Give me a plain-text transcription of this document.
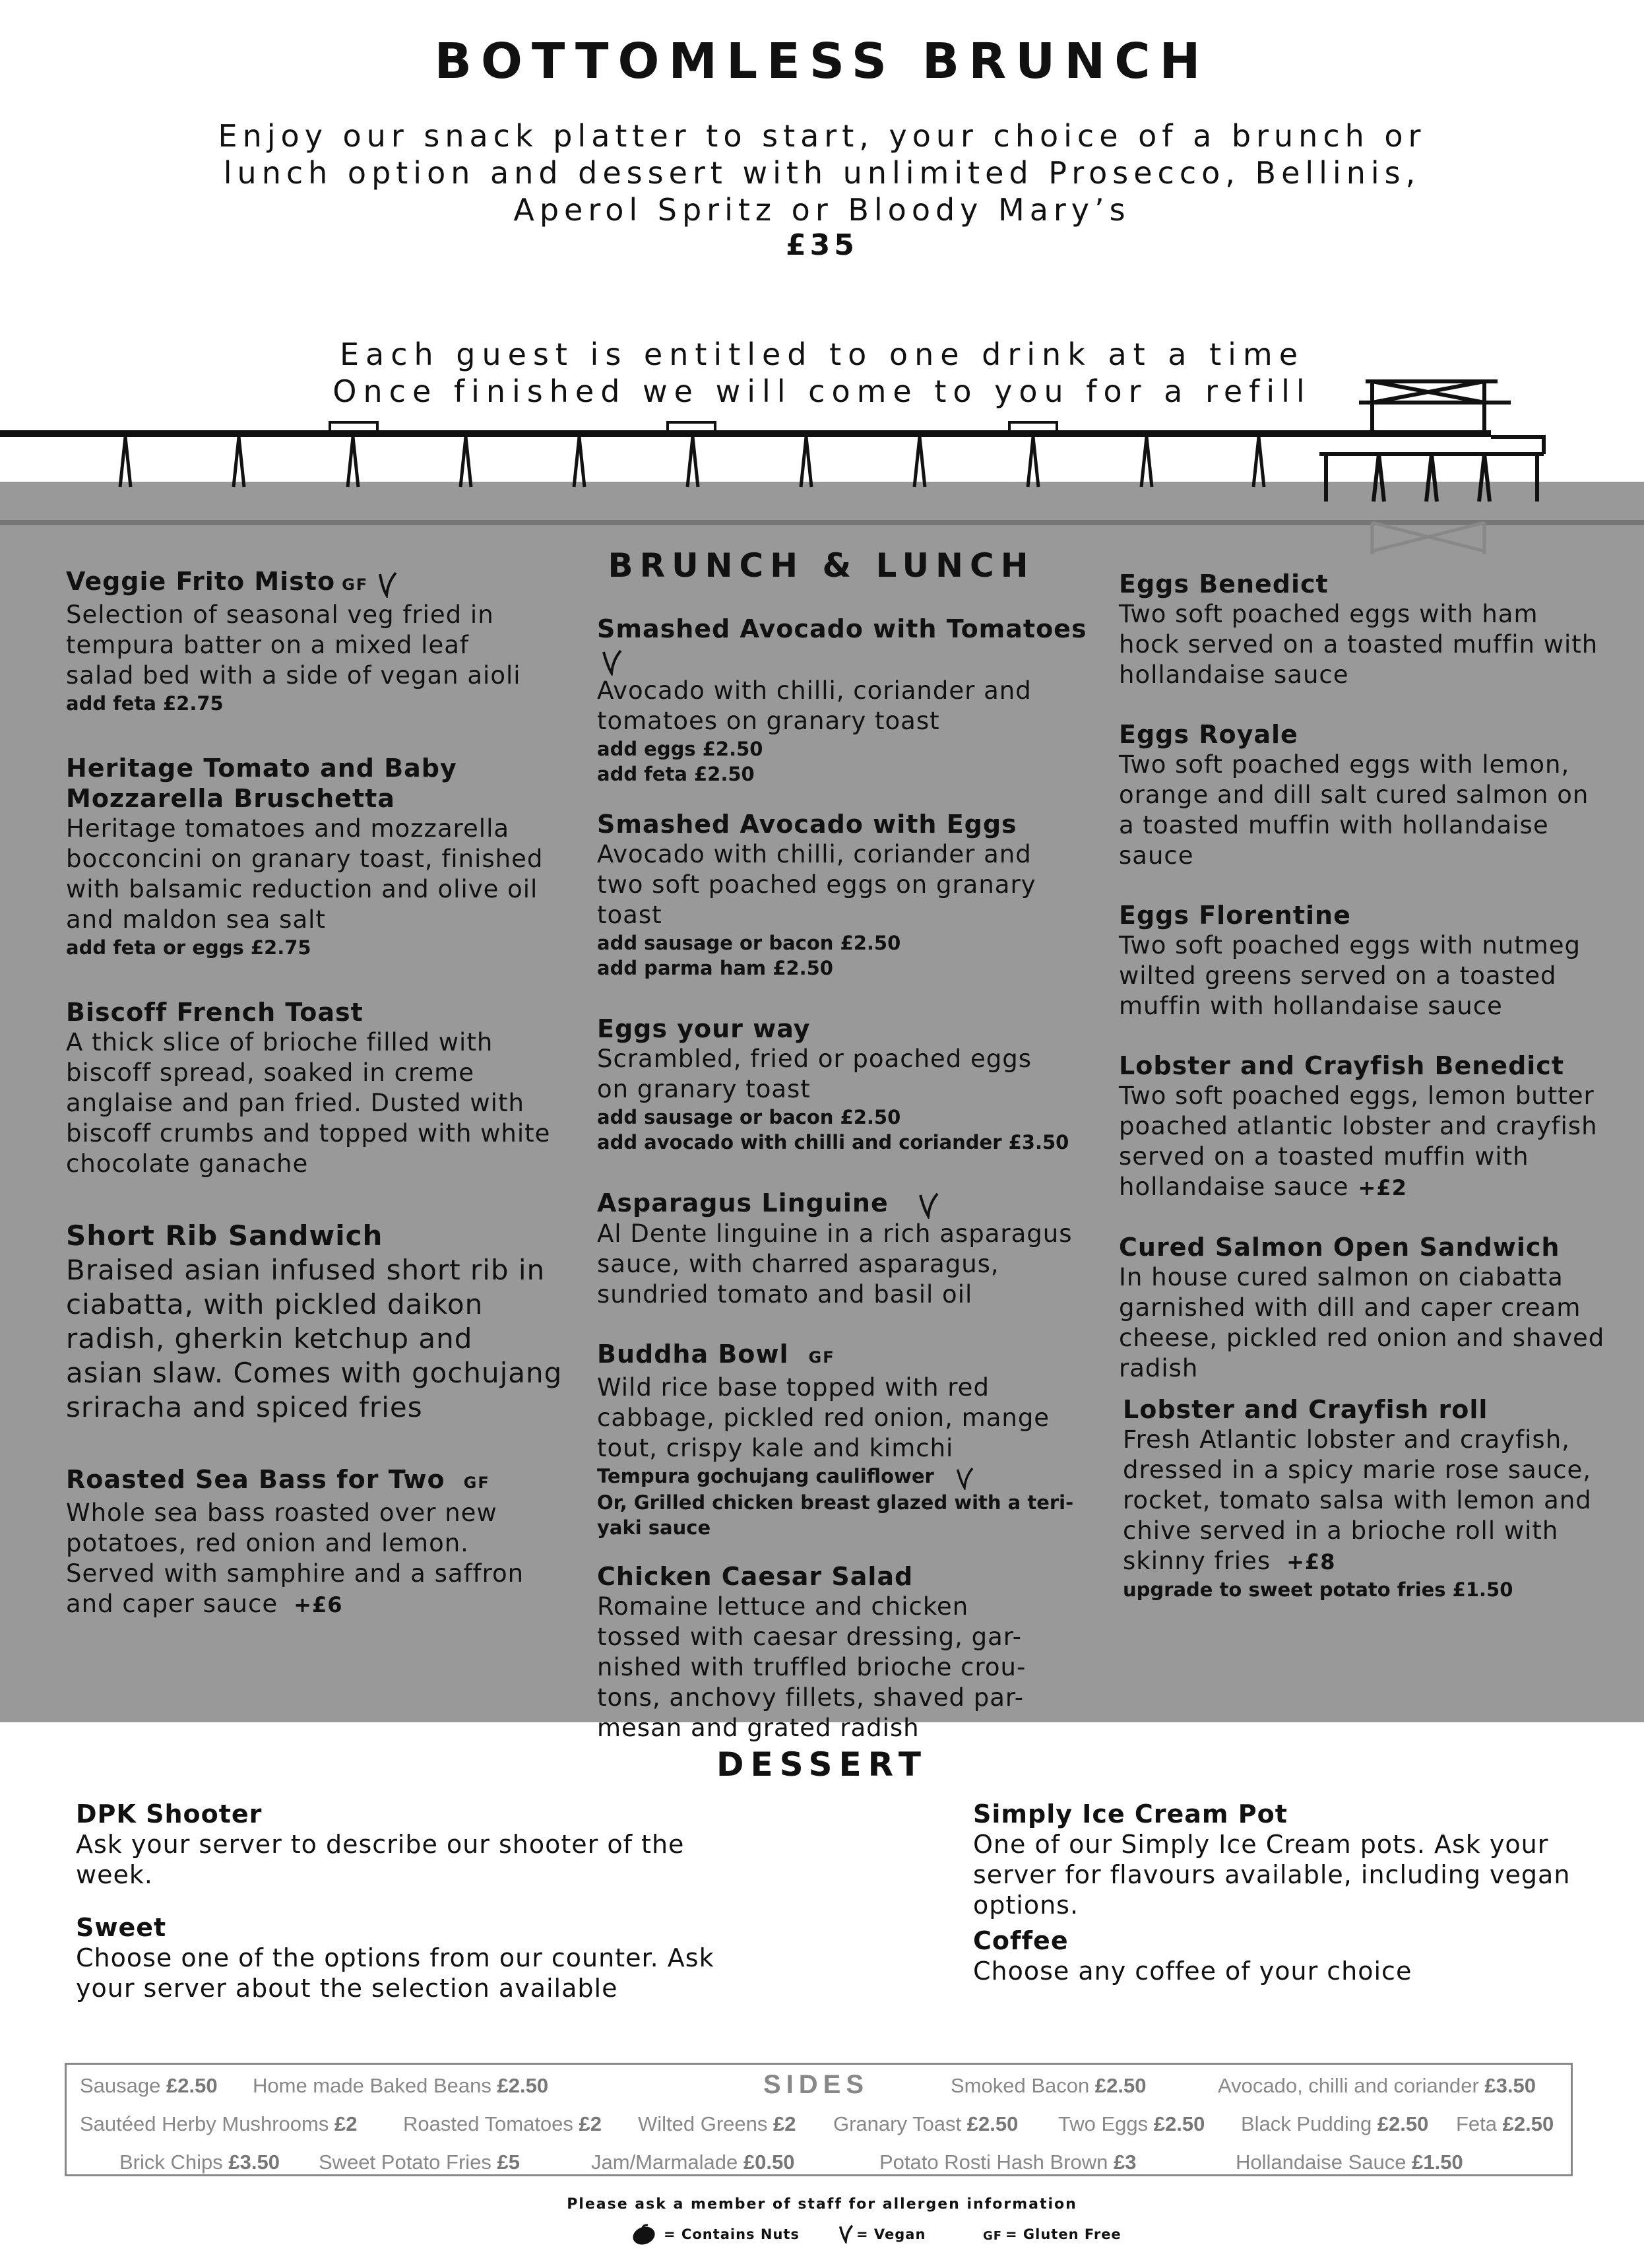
BOTTOMLESS BRUNCH
Enjoy our snack platter to start, your choice of a brunch or
lunch option and dessert with unlimited Prosecco, Bellinis,
Aperol Spritz or Bloody Mary’s
£35
Each guest is entitled to one drink at a time
Once finished we will come to you for a refill
BRUNCH & LUNCH
Veggie Frito Misto GF
Selection of seasonal veg fried in
tempura batter on a mixed leaf
salad bed with a side of vegan aioli
add feta £2.75
Heritage Tomato and Baby
Mozzarella Bruschetta
Heritage tomatoes and mozzarella
bocconcini on granary toast, finished
with balsamic reduction and olive oil
and maldon sea salt
add feta or eggs £2.75
Biscoff French Toast
A thick slice of brioche filled with
biscoff spread, soaked in creme
anglaise and pan fried. Dusted with
biscoff crumbs and topped with white
chocolate ganache
Short Rib Sandwich
Braised asian infused short rib in
ciabatta, with pickled daikon
radish, gherkin ketchup and
asian slaw. Comes with gochujang
sriracha and spiced fries
Roasted Sea Bass for Two GF
Whole sea bass roasted over new
potatoes, red onion and lemon.
Served with samphire and a saffron
and caper sauce +£6
Smashed Avocado with Tomatoes
Avocado with chilli, coriander and
tomatoes on granary toast
add eggs £2.50
add feta £2.50
Smashed Avocado with Eggs
Avocado with chilli, coriander and
two soft poached eggs on granary
toast
add sausage or bacon £2.50
add parma ham £2.50
Eggs your way
Scrambled, fried or poached eggs
on granary toast
add sausage or bacon £2.50
add avocado with chilli and coriander £3.50
Asparagus Linguine
Al Dente linguine in a rich asparagus
sauce, with charred asparagus,
sundried tomato and basil oil
Buddha Bowl GF
Wild rice base topped with red
cabbage, pickled red onion, mange
tout, crispy kale and kimchi
Tempura gochujang cauliflower
Or, Grilled chicken breast glazed with a teri-
yaki sauce
Chicken Caesar Salad
Romaine lettuce and chicken
tossed with caesar dressing, gar-
nished with truffled brioche crou-
tons, anchovy fillets, shaved par-
mesan and grated radish
Eggs Benedict
Two soft poached eggs with ham
hock served on a toasted muffin with
hollandaise sauce
Eggs Royale
Two soft poached eggs with lemon,
orange and dill salt cured salmon on
a toasted muffin with hollandaise
sauce
Eggs Florentine
Two soft poached eggs with nutmeg
wilted greens served on a toasted
muffin with hollandaise sauce
Lobster and Crayfish Benedict
Two soft poached eggs, lemon butter
poached atlantic lobster and crayfish
served on a toasted muffin with
hollandaise sauce +£2
Cured Salmon Open Sandwich
In house cured salmon on ciabatta
garnished with dill and caper cream
cheese, pickled red onion and shaved
radish
Lobster and Crayfish roll
Fresh Atlantic lobster and crayfish,
dressed in a spicy marie rose sauce,
rocket, tomato salsa with lemon and
chive served in a brioche roll with
skinny fries +£8
upgrade to sweet potato fries £1.50
DESSERT
DPK Shooter
Ask your server to describe our shooter of the
week.
Sweet
Choose one of the options from our counter. Ask
your server about the selection available
Simply Ice Cream Pot
One of our Simply Ice Cream pots. Ask your
server for flavours available, including vegan
options.
Coffee
Choose any coffee of your choice
Sausage £2.50 Home made Baked Beans £2.50	SIDES	Smoked Bacon £2.50	Avocado, chilli and coriander £3.50
Sautéed Herby Mushrooms £2 Roasted Tomatoes £2 Wilted Greens £2 Granary Toast £2.50 Two Eggs £2.50 Black Pudding £2.50 Feta £2.50
Brick Chips £3.50 Sweet Potato Fries £5	Jam/Marmalade £0.50	Potato Rosti Hash Brown £3	Hollandaise Sauce £1.50
Please ask a member of staff for allergen information
= Contains Nuts	= Vegan	GF = Gluten Free
